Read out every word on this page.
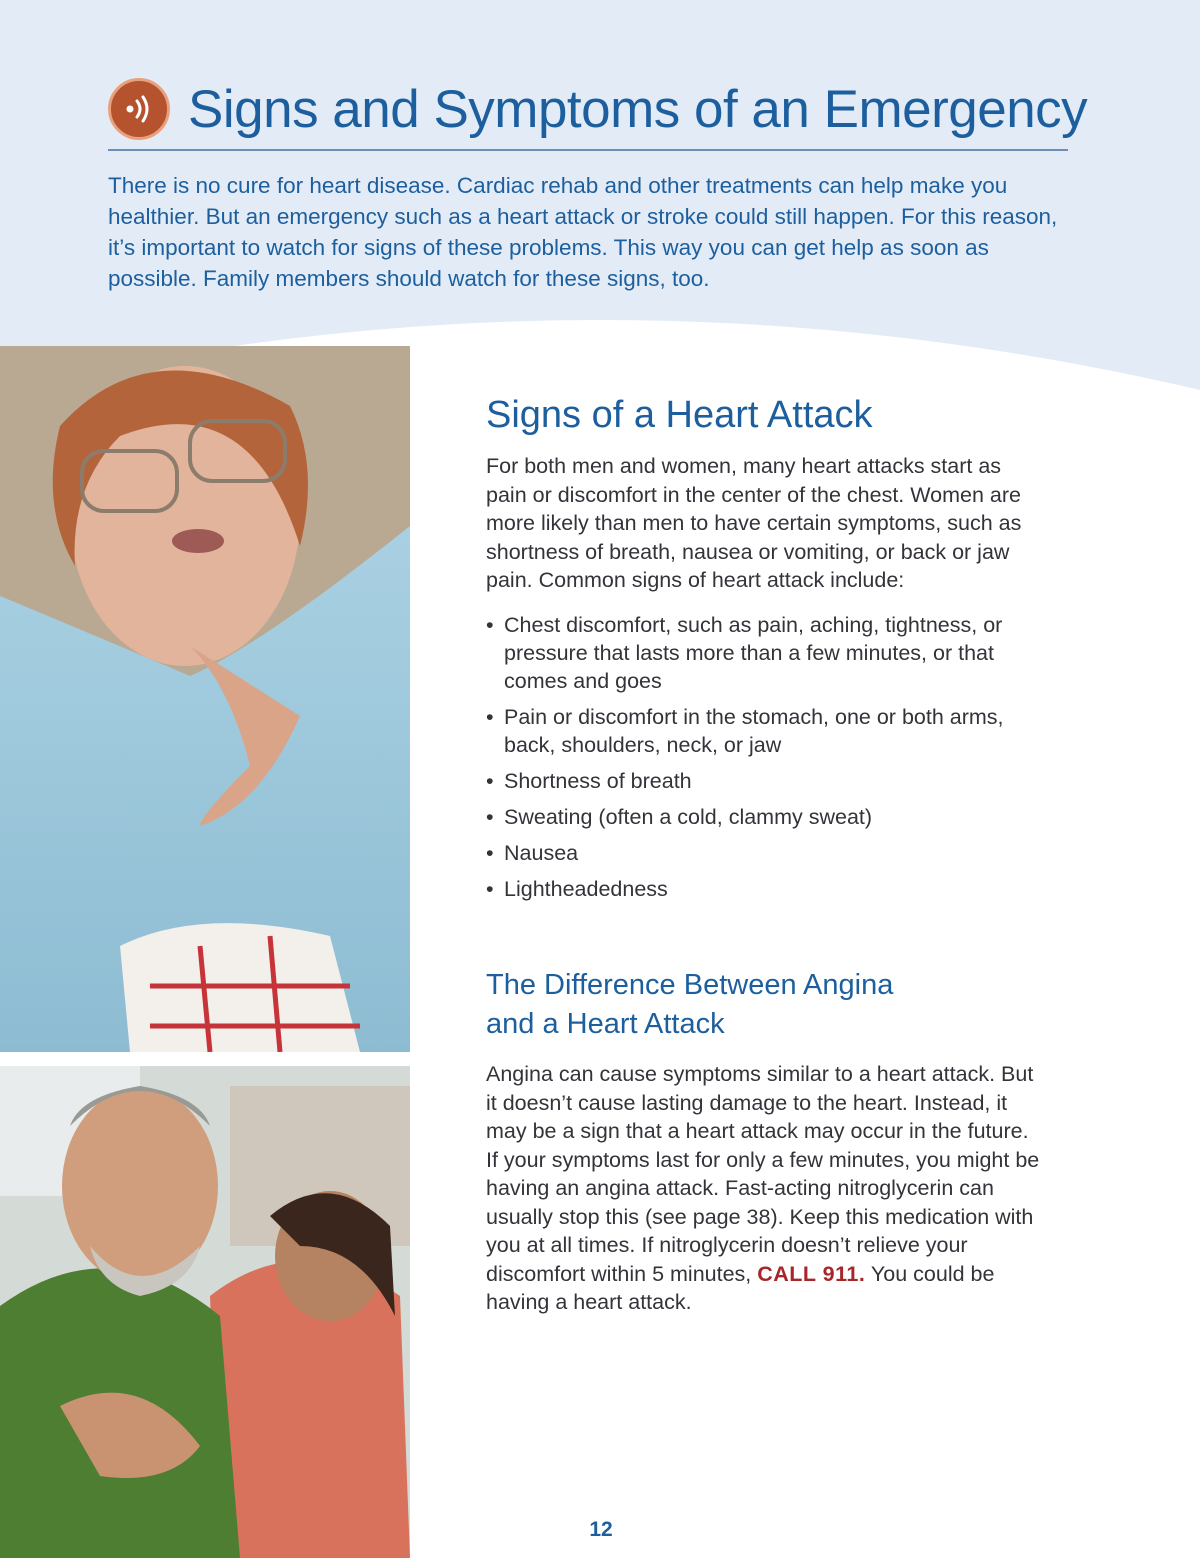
Signs and Symptoms of an Emergency

There is no cure for heart disease. Cardiac rehab and other treatments can help make you healthier. But an emergency such as a heart attack or stroke could still happen. For this reason, it’s important to watch for signs of these problems. This way you can get help as soon as possible. Family members should watch for these signs, too.

Signs of a Heart Attack

For both men and women, many heart attacks start as pain or discomfort in the center of the chest. Women are more likely than men to have certain symptoms, such as shortness of breath, nausea or vomiting, or back or jaw pain. Common signs of heart attack include:

• Chest discomfort, such as pain, aching, tightness, or pressure that lasts more than a few minutes, or that comes and goes
• Pain or discomfort in the stomach, one or both arms, back, shoulders, neck, or jaw
• Shortness of breath
• Sweating (often a cold, clammy sweat)
• Nausea
• Lightheadedness
The Difference Between Angina
and a Heart Attack

Angina can cause symptoms similar to a heart attack. But it doesn’t cause lasting damage to the heart. Instead, it may be a sign that a heart attack may occur in the future. If your symptoms last for only a few minutes, you might be having an angina attack. Fast-acting nitroglycerin can usually stop this (see page 38). Keep this medication with you at all times. If nitroglycerin doesn’t relieve your discomfort within 5 minutes, CALL 911. You could be having a heart attack.

12
